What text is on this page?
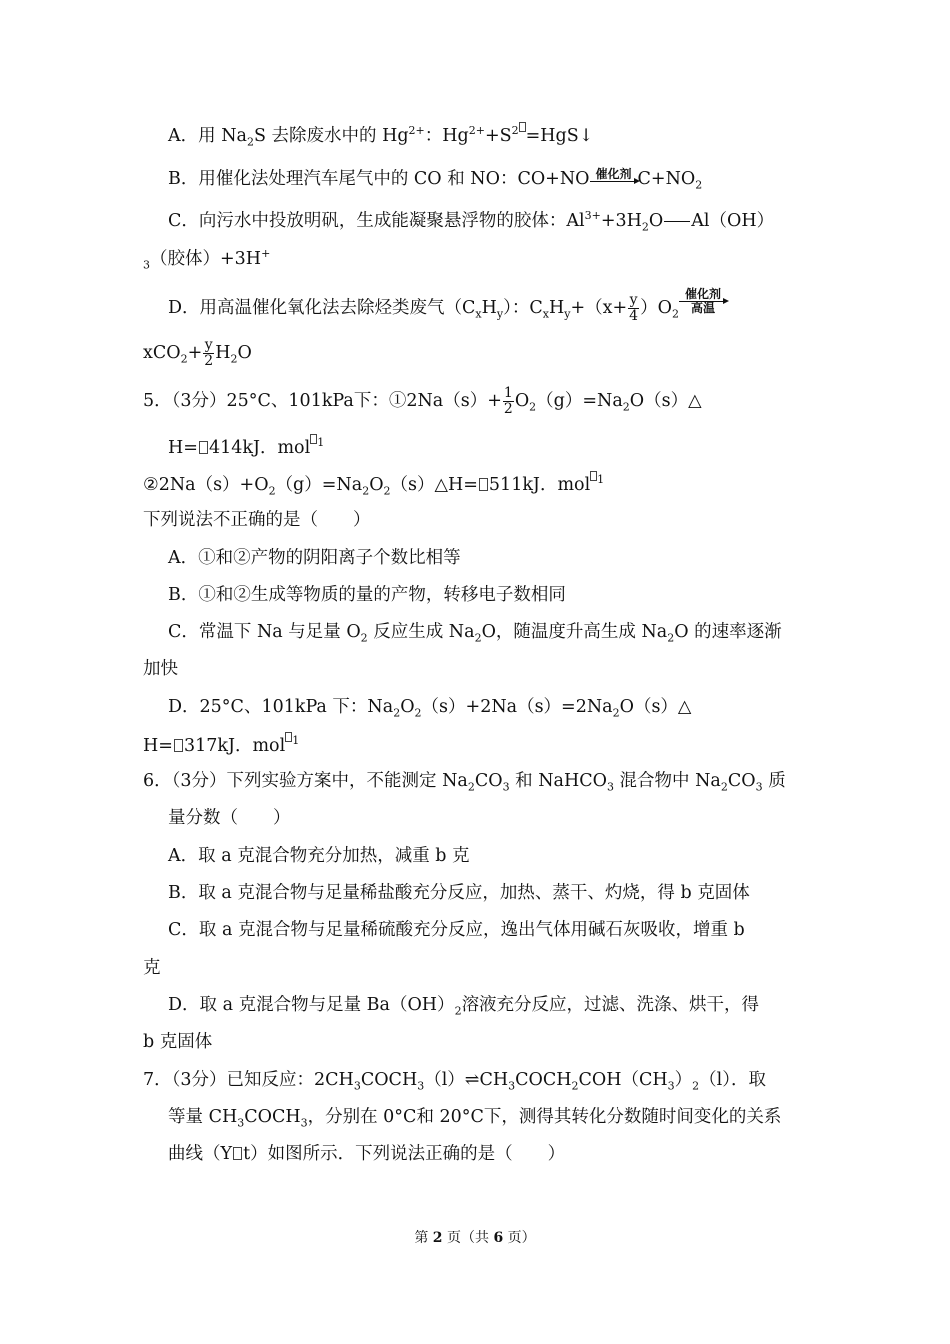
A．用 $Na_2S$ 去除废水中的 $Hg^{2+}$：$Hg^{2+}+S^2$ =HgS↓
B．用催化法处理汽车尾气中的 CO 和 NO：CO+NO 催化剂 $C+NO_2$
C．向污水中投放明矾，生成能凝聚悬浮物的胶体：$Al^{3+}+3H_2O$ Al（OH）
$_3$（胶体）+3H+
D．用高温催化氧化法去除烃类废气$(C_xH_y)$：$C_xH_y+(x+ \frac{y}{4} )O_2$
催化剂
高温
$xCO_2+ \frac{y}{2} H_2O$
5．（3分）25°C、101kPa下：①2Na（s）+ $\frac{1}{2}$ $O_2(g)=Na_2O(s)\triangle$
H= 414kJ．mol $^1$
$②2Na(s)+O_2(g)=Na_2O_2(s)\triangle H= 511kJ$．mol $^1$
下列说法不正确的是（　　）
A．①和②产物的阴阳离子个数比相等
B．①和②生成等物质的量的产物，转移电子数相同
C．常温下 Na 与足量 $O_2$ 反应生成 $Na_2O$，随温度升高生成 $Na_2O$ 的速率逐渐
加快
D．25°C、101kPa 下：$Na_2O_2(s)+2Na(s)=2Na_2O(s)\triangle$
H= 317kJ．mol $^1$
6．（3分）下列实验方案中，不能测定 $Na_2CO_3$ 和 NaHCO$_3$ 混合物中 $Na_2CO_3$ 质
量分数（　　）
A．取 a 克混合物充分加热，减重 b 克
B．取 a 克混合物与足量稀盐酸充分反应，加热、蒸干、灼烧，得 b 克固体
C．取 a 克混合物与足量稀硫酸充分反应，逸出气体用碱石灰吸收，增重 b
克
D．取 a 克混合物与足量 $Ba(OH)_2$溶液充分反应，过滤、洗涤、烘干，得
b 克固体
7．（3分）已知反应：$2CH_3COCH_3(l)\rightleftharpoons CH_3COCH_2COH(CH_3)_2(l)$．取
等量 $CH_3COCH_3$，分别在 0°C和 20°C下，测得其转化分数随时间变化的关系
曲线（Y t）如图所示．下列说法正确的是（　　）
第 2 页（共 6 页）
